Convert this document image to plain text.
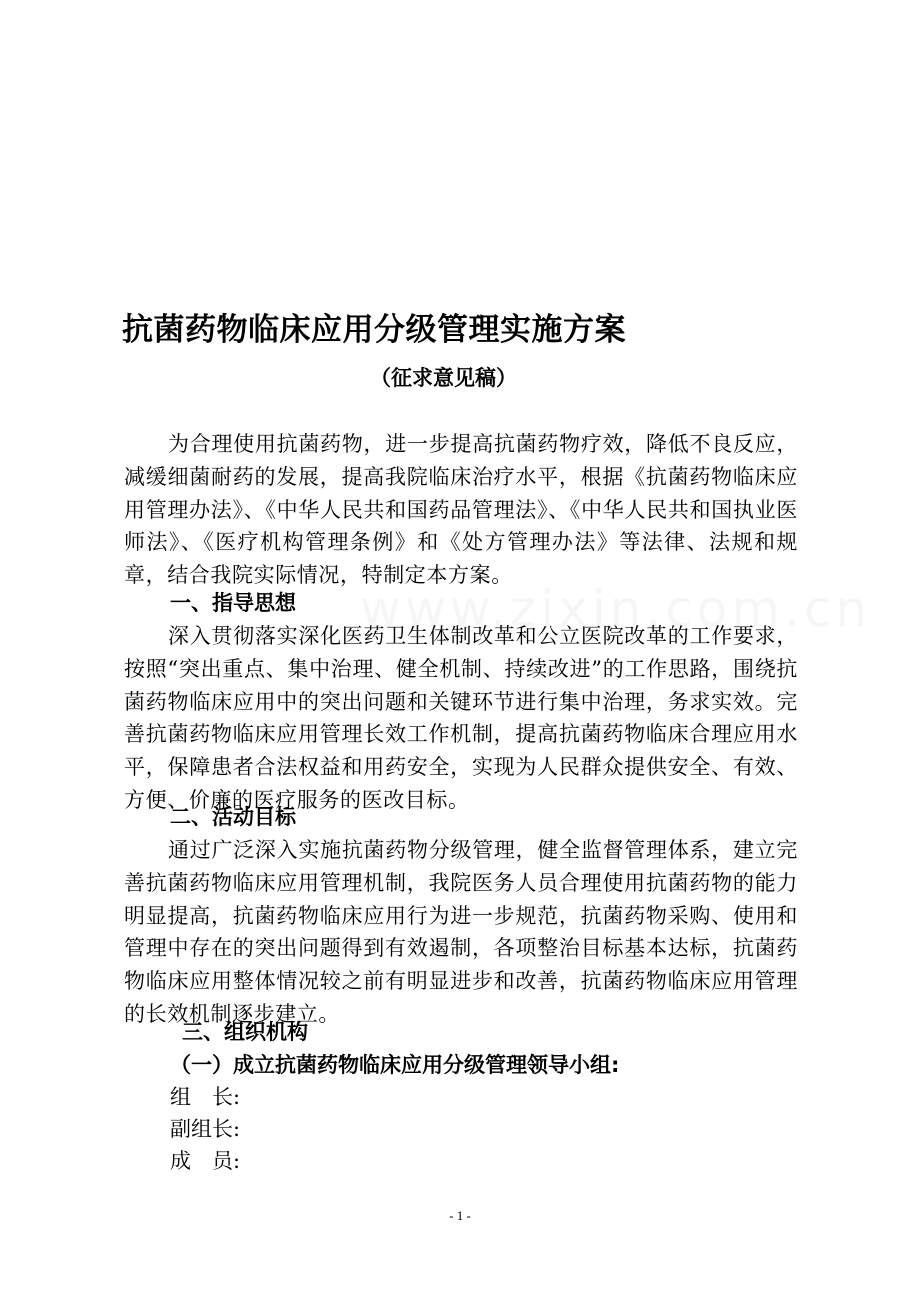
抗菌药物临床应用分级管理实施方案
（征求意见稿）
为合理使用抗菌药物，进一步提高抗菌药物疗效，降低不良反应，减缓细菌耐药的发展，提高我院临床治疗水平，根据《抗菌药物临床应用管理办法》、《中华人民共和国药品管理法》、《中华人民共和国执业医师法》、《医疗机构管理条例》和《处方管理办法》等法律、法规和规章，结合我院实际情况，特制定本方案。
一、指导思想
深入贯彻落实深化医药卫生体制改革和公立医院改革的工作要求，按照“突出重点、集中治理、健全机制、持续改进”的工作思路，围绕抗菌药物临床应用中的突出问题和关键环节进行集中治理，务求实效。完善抗菌药物临床应用管理长效工作机制，提高抗菌药物临床合理应用水平，保障患者合法权益和用药安全，实现为人民群众提供安全、有效、方便、价廉的医疗服务的医改目标。
二、活动目标
通过广泛深入实施抗菌药物分级管理，健全监督管理体系，建立完善抗菌药物临床应用管理机制，我院医务人员合理使用抗菌药物的能力明显提高，抗菌药物临床应用行为进一步规范，抗菌药物采购、使用和管理中存在的突出问题得到有效遏制，各项整治目标基本达标，抗菌药物临床应用整体情况较之前有明显进步和改善，抗菌药物临床应用管理的长效机制逐步建立。
三、组织机构
（一）成立抗菌药物临床应用分级管理领导小组:
组　长:
副组长:
成　员:
- 1 -
